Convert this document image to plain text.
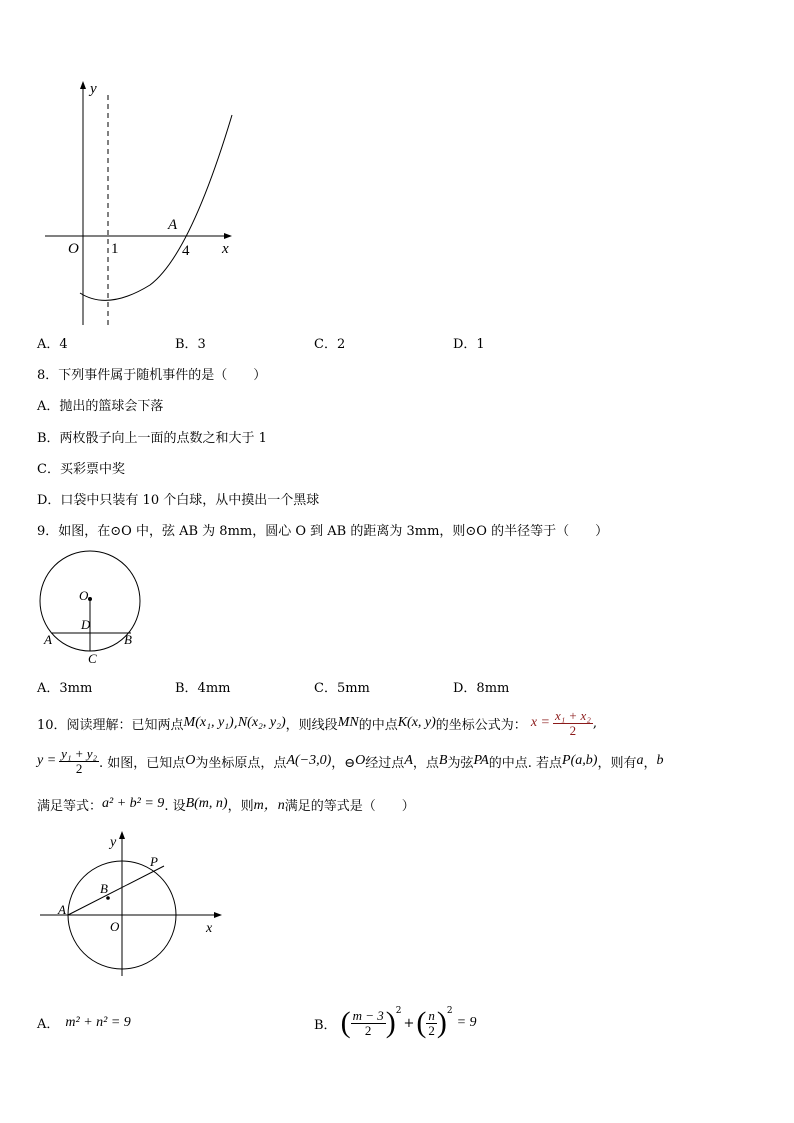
y
x
O 1	4
A
A．4	B．3	C．2	D．1
8．下列事件属于随机事件的是（　　）
A．抛出的篮球会下落
B．两枚骰子向上一面的点数之和大于 1
C．买彩票中奖
D．口袋中只装有 10 个白球，从中摸出一个黑球
9．如图，在⊙O 中，弦 AB 为 8mm，圆心 O 到 AB 的距离为 3mm，则⊙O 的半径等于（　　）
O
D
A	B
C
A．3mm	B．4mm	C．5mm	D．8mm
10．阅读理解：已知两点 M(x₁, y₁) , N(x₂, y₂) ，则线段 MN 的中点 K(x, y) 的坐标公式为： $x = \frac{\text{x₁ + x₂}}{2}$ ,
$y = \frac{\text{y₁ + y₂}}{2}$ . 如图，已知点 O 为坐标原点，点 A(−3,0) ，⊖ O 经过点 A ，点 B 为弦 PA 的中点. 若点 P(a,b) ，则有 a ， b
满足等式： a² + b² = 9 . 设 B(m, n) ，则 m，n 满足的等式是（　　）
y
x
O
A
B
P
A． m² + n² = 9	B． ( $\frac{m - 3}{2} )^2$
+ ( $\frac{n}{2} )^2$
= 9
